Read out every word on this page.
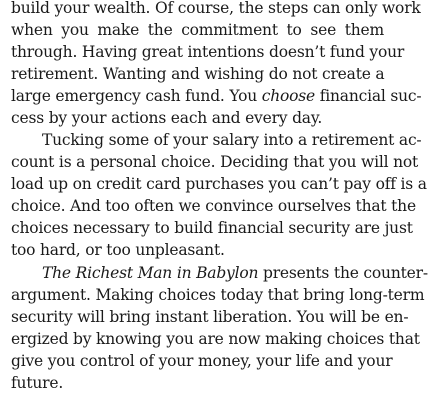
build your wealth. Of course, the steps can only work
when you make the commitment to see them
through. Having great intentions doesn’t fund your
retirement. Wanting and wishing do not create a
large emergency cash fund. You choose financial suc-
cess by your actions each and every day.
Tucking some of your salary into a retirement ac-
count is a personal choice. Deciding that you will not
load up on credit card purchases you can’t pay off is a
choice. And too often we convince ourselves that the
choices necessary to build financial security are just
too hard, or too unpleasant.
The Richest Man in Babylon presents the counter-
argument. Making choices today that bring long-term
security will bring instant liberation. You will be en-
ergized by knowing you are now making choices that
give you control of your money, your life and your
future.
